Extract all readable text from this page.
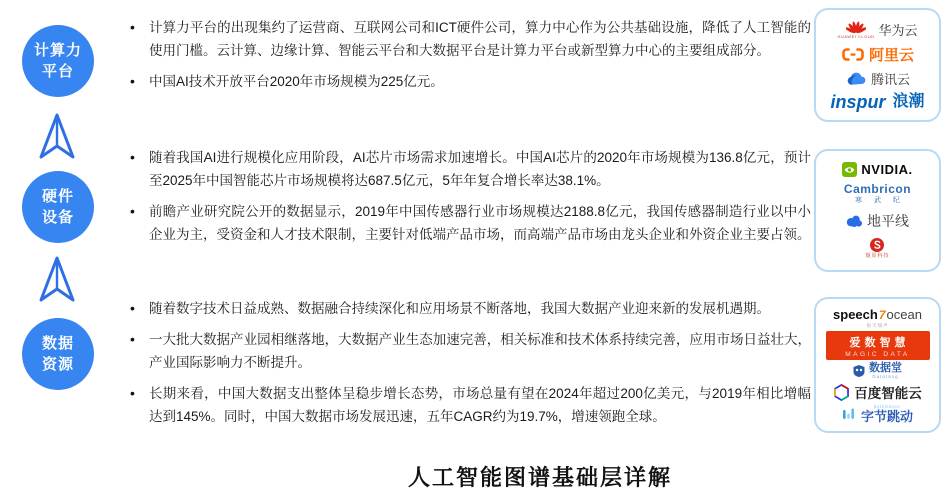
计算力
平台
硬件
设备
数据
资源
•	计算力平台的出现集约了运营商、互联网公司和ICT硬件公司，算力中心作为公共基础设施，降低了人工智能的使用门槛。云计算、边缘计算、智能云平台和大数据平台是计算力平台或新型算力中心的主要组成部分。
•	中国AI技术开放平台2020年市场规模为225亿元。
•	随着我国AI进行规模化应用阶段，AI芯片市场需求加速增长。中国AI芯片的2020年市场规模为136.8亿元，预计至2025年中国智能芯片市场规模将达687.5亿元，5年年复合增长率达38.1%。
•	前瞻产业研究院公开的数据显示，2019年中国传感器行业市场规模达2188.8亿元，我国传感器制造行业以中小企业为主，受资金和人才技术限制，主要针对低端产品市场，而高端产品市场由龙头企业和外资企业主要占领。
•	随着数字技术日益成熟、数据融合持续深化和应用场景不断落地，我国大数据产业迎来新的发展机遇期。
•	一大批大数据产业园相继落地，大数据产业生态加速完善，相关标准和技术体系持续完善，应用市场日益壮大，产业国际影响力不断提升。
•	长期来看，中国大数据支出整体呈稳步增长态势，市场总量有望在2024年超过200亿美元，与2019年相比增幅达到145%。同时，中国大数据市场发展迅速，五年CAGR约为19.7%，增速领跑全球。
HUAWEI CLOUD 华为云
阿里云
腾讯云
inspur 浪潮
NVIDIA.
Cambricon
寒 武 纪
地平线
燧原科技
speech7ocean
海天瑞声
爱数智慧
MAGIC DATA
数据堂
Datatang
百度智能云
ByteDance
字节跳动
人工智能图谱基础层详解
